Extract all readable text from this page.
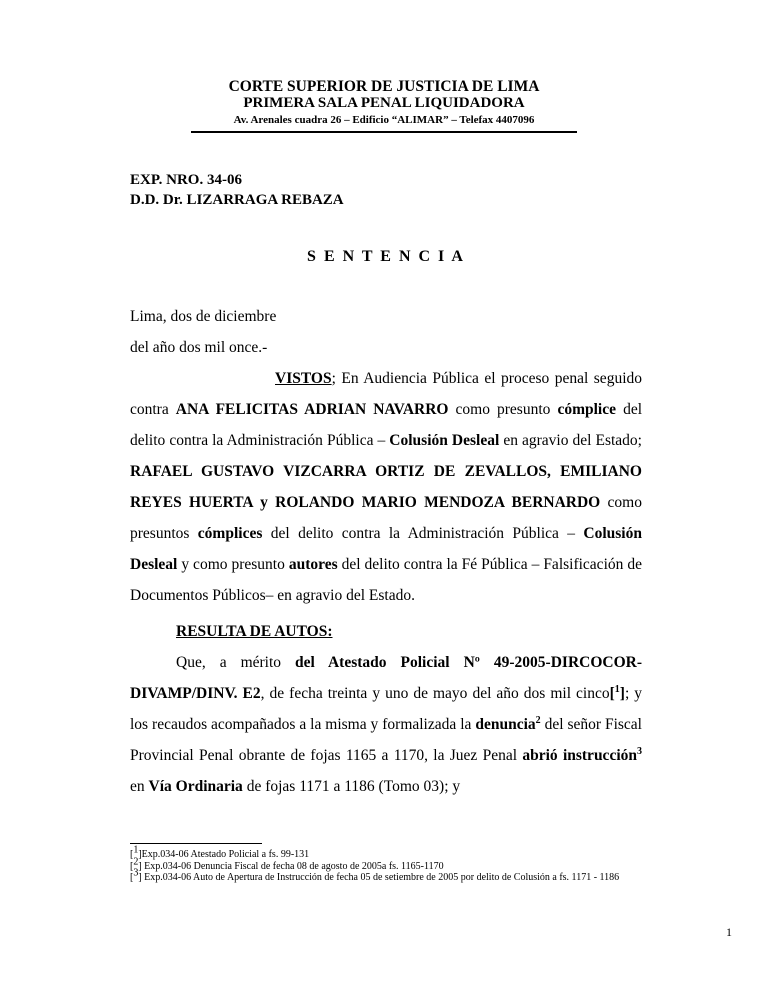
CORTE SUPERIOR DE JUSTICIA DE LIMA
PRIMERA SALA PENAL LIQUIDADORA
Av. Arenales cuadra 26 – Edificio “ALIMAR” – Telefax 4407096
EXP. NRO. 34-06
D.D. Dr. LIZARRAGA REBAZA
S E N T E N C I A

Lima, dos de diciembre

del año dos mil once.-

VISTOS; En Audiencia Pública el proceso penal seguido contra ANA FELICITAS ADRIAN NAVARRO como presunto cómplice del delito contra la Administración Pública – Colusión Desleal en agravio del Estado; RAFAEL GUSTAVO VIZCARRA ORTIZ DE ZEVALLOS, EMILIANO REYES HUERTA y ROLANDO MARIO MENDOZA BERNARDO como presuntos cómplices del delito contra la Administración Pública – Colusión Desleal y como presunto autores del delito contra la Fé Pública – Falsificación de Documentos Públicos– en agravio del Estado.

RESULTA DE AUTOS:

Que, a mérito del Atestado Policial Nº 49-2005-DIRCOCOR-DIVAMP/DINV. E2, de fecha treinta y uno de mayo del año dos mil cinco[$^1$]; y los recaudos acompañados a la misma y formalizada la denuncia$^2$ del señor Fiscal Provincial Penal obrante de fojas 1165 a 1170, la Juez Penal abrió instrucción$^3$ en Vía Ordinaria de fojas 1171 a 1186 (Tomo 03); y

[$^1$]Exp.034-06 Atestado Policial a fs. 99-131

[$^2$] Exp.034-06 Denuncia Fiscal de fecha 08 de agosto de 2005a fs. 1165-1170

[$^3$] Exp.034-06 Auto de Apertura de Instrucción de fecha 05 de setiembre de 2005 por delito de Colusión a fs. 1171 - 1186

1
